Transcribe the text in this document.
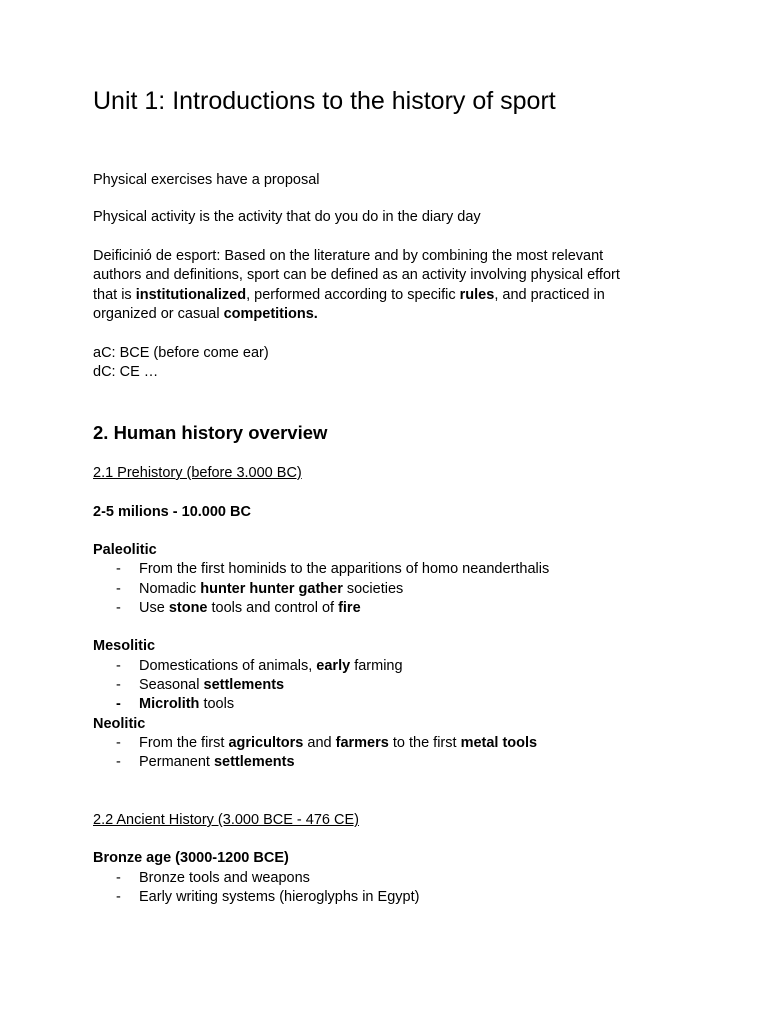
Unit 1: Introductions to the history of sport
Physical exercises have a proposal
Physical activity is the activity that do you do in the diary day
Deificinió de esport: Based on the literature and by combining the most relevant
authors and definitions, sport can be defined as an activity involving physical effort
that is institutionalized, performed according to specific rules, and practiced in
organized or casual competitions.
aC: BCE (before come ear)
dC: CE …
2. Human history overview
2.1 Prehistory (before 3.000 BC)
2-5 milions - 10.000 BC
Paleolitic
- From the first hominids to the apparitions of homo neanderthalis
- Nomadic hunter hunter gather societies
- Use stone tools and control of fire
Mesolitic
- Domestications of animals, early farming
- Seasonal settlements
- Microlith tools
Neolitic
- From the first agricultors and farmers to the first metal tools
- Permanent settlements
2.2 Ancient History (3.000 BCE - 476 CE)
Bronze age (3000-1200 BCE)
- Bronze tools and weapons
- Early writing systems (hieroglyphs in Egypt)
